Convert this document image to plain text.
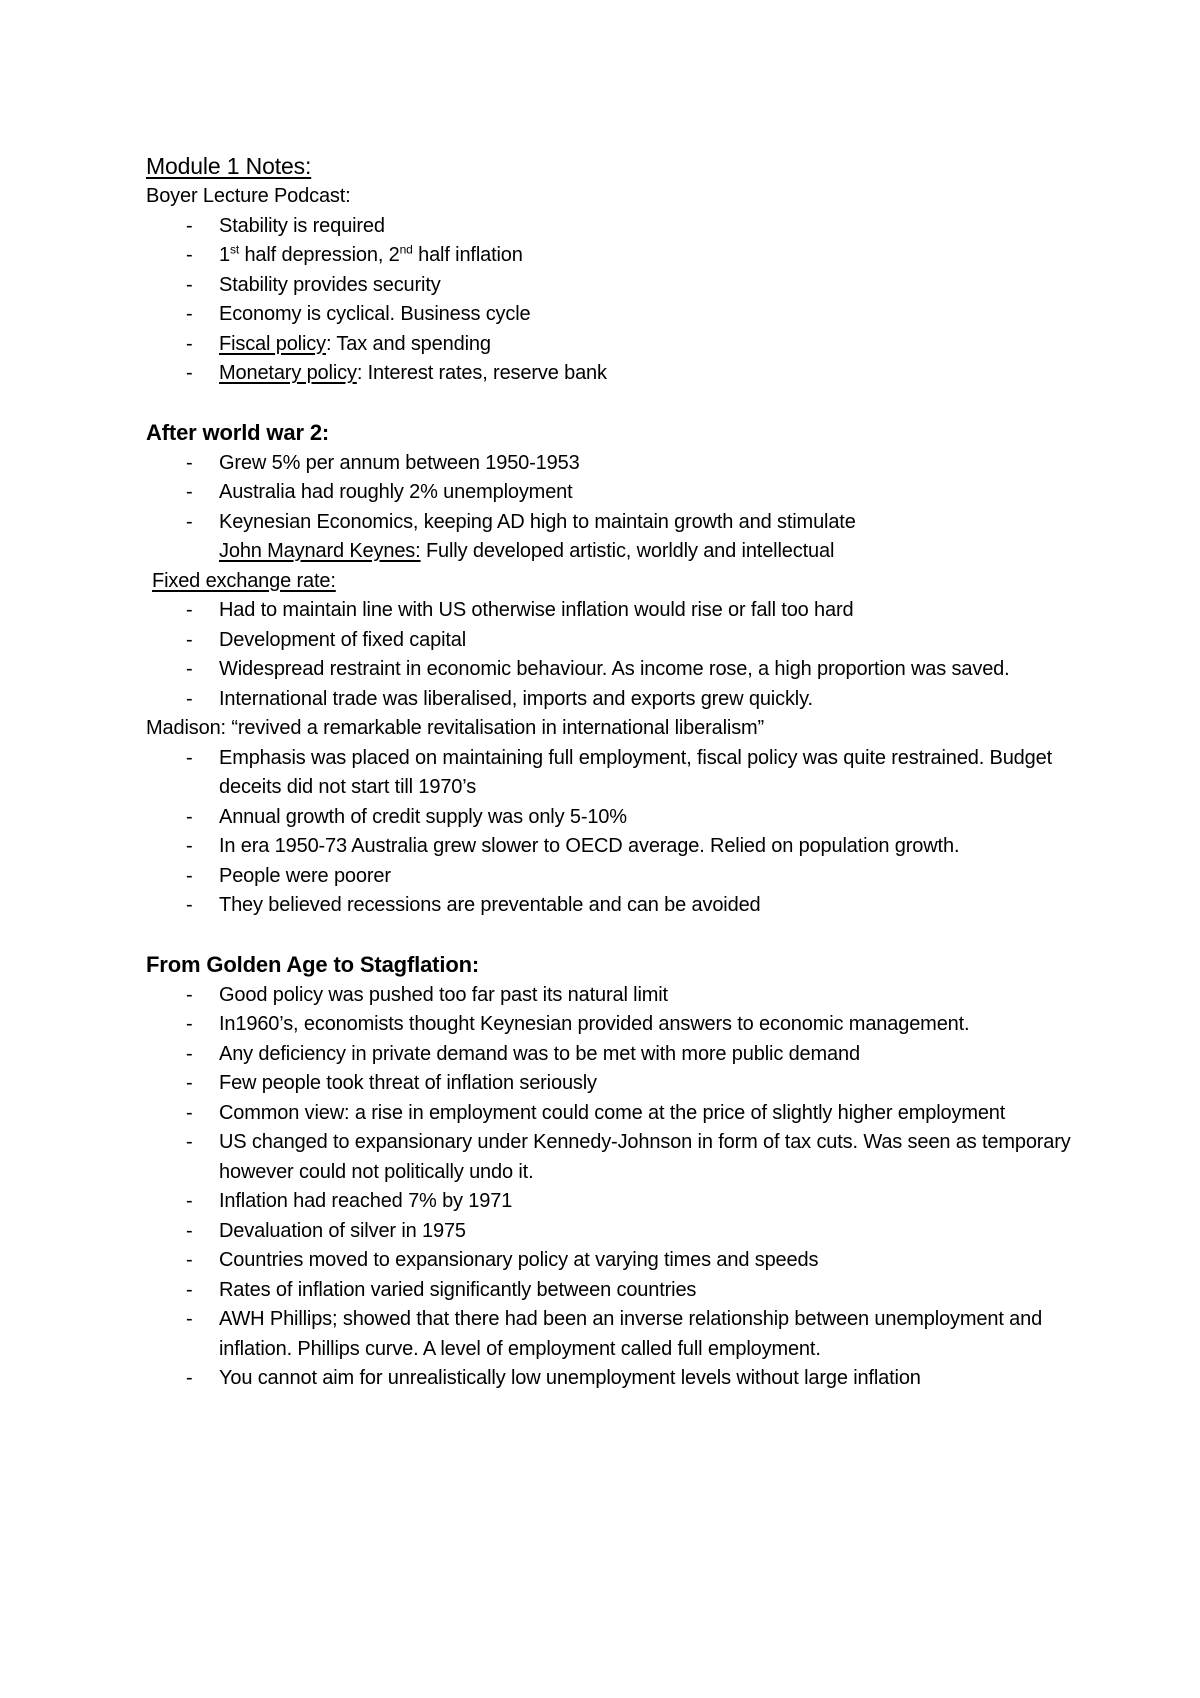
Module 1 Notes:
Boyer Lecture Podcast:
- Stability is required
- 1st half depression, 2nd half inflation
- Stability provides security
- Economy is cyclical. Business cycle
- Fiscal policy: Tax and spending
- Monetary policy: Interest rates, reserve bank
After world war 2:
- Grew 5% per annum between 1950-1953
- Australia had roughly 2% unemployment
- Keynesian Economics, keeping AD high to maintain growth and stimulate
John Maynard Keynes: Fully developed artistic, worldly and intellectual
Fixed exchange rate:
- Had to maintain line with US otherwise inflation would rise or fall too hard
- Development of fixed capital
- Widespread restraint in economic behaviour. As income rose, a high proportion was saved.
- International trade was liberalised, imports and exports grew quickly.
Madison: “revived a remarkable revitalisation in international liberalism”
- Emphasis was placed on maintaining full employment, fiscal policy was quite restrained. Budget deceits did not start till 1970’s
- Annual growth of credit supply was only 5-10%
- In era 1950-73 Australia grew slower to OECD average. Relied on population growth.
- People were poorer
- They believed recessions are preventable and can be avoided
From Golden Age to Stagflation:
- Good policy was pushed too far past its natural limit
- In1960’s, economists thought Keynesian provided answers to economic management.
- Any deficiency in private demand was to be met with more public demand
- Few people took threat of inflation seriously
- Common view: a rise in employment could come at the price of slightly higher employment
- US changed to expansionary under Kennedy-Johnson in form of tax cuts. Was seen as temporary however could not politically undo it.
- Inflation had reached 7% by 1971
- Devaluation of silver in 1975
- Countries moved to expansionary policy at varying times and speeds
- Rates of inflation varied significantly between countries
- AWH Phillips; showed that there had been an inverse relationship between unemployment and inflation. Phillips curve. A level of employment called full employment.
- You cannot aim for unrealistically low unemployment levels without large inflation
